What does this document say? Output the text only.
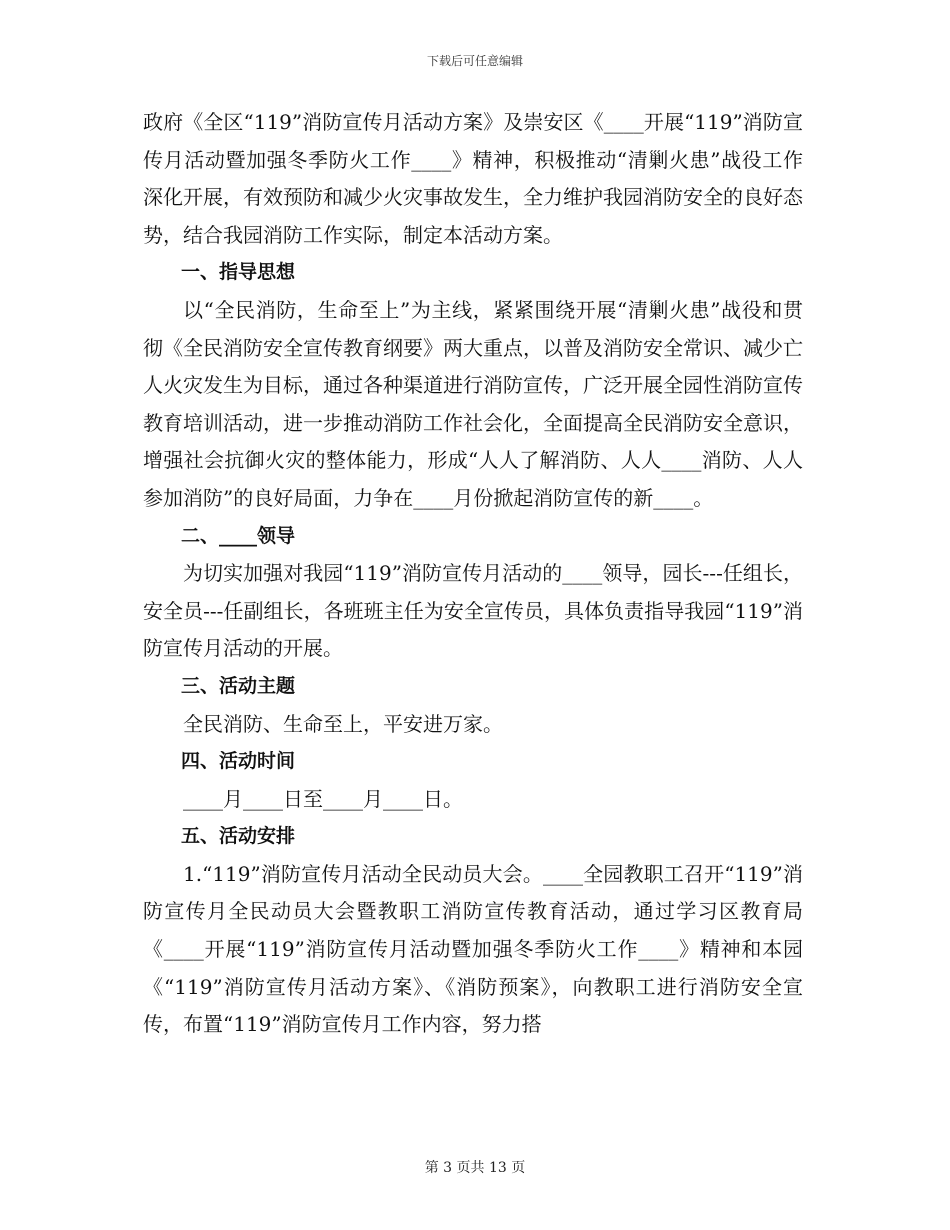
下载后可任意编辑

政府《全区“119”消防宣传月活动方案》及崇安区《____开展“119”消防宣传月活动暨加强冬季防火工作____》精神，积极推动“清剿火患”战役工作深化开展，有效预防和减少火灾事故发生，全力维护我园消防安全的良好态势，结合我园消防工作实际，制定本活动方案。

一、指导思想

以“全民消防，生命至上”为主线，紧紧围绕开展“清剿火患”战役和贯彻《全民消防安全宣传教育纲要》两大重点，以普及消防安全常识、减少亡人火灾发生为目标，通过各种渠道进行消防宣传，广泛开展全园性消防宣传教育培训活动，进一步推动消防工作社会化，全面提高全民消防安全意识，增强社会抗御火灾的整体能力，形成“人人了解消防、人人____消防、人人参加消防”的良好局面，力争在____月份掀起消防宣传的新____。

二、____领导

为切实加强对我园“119”消防宣传月活动的____领导，园长---任组长，安全员---任副组长，各班班主任为安全宣传员，具体负责指导我园“119”消防宣传月活动的开展。

三、活动主题

全民消防、生命至上，平安进万家。

四、活动时间

____月____日至____月____日。

五、活动安排

1.“119”消防宣传月活动全民动员大会。____全园教职工召开“119”消防宣传月全民动员大会暨教职工消防宣传教育活动，通过学习区教育局《____开展“119”消防宣传月活动暨加强冬季防火工作____》精神和本园《“119”消防宣传月活动方案》、《消防预案》，向教职工进行消防安全宣传，布置“119”消防宣传月工作内容，努力搭

第 3 页共 13 页
